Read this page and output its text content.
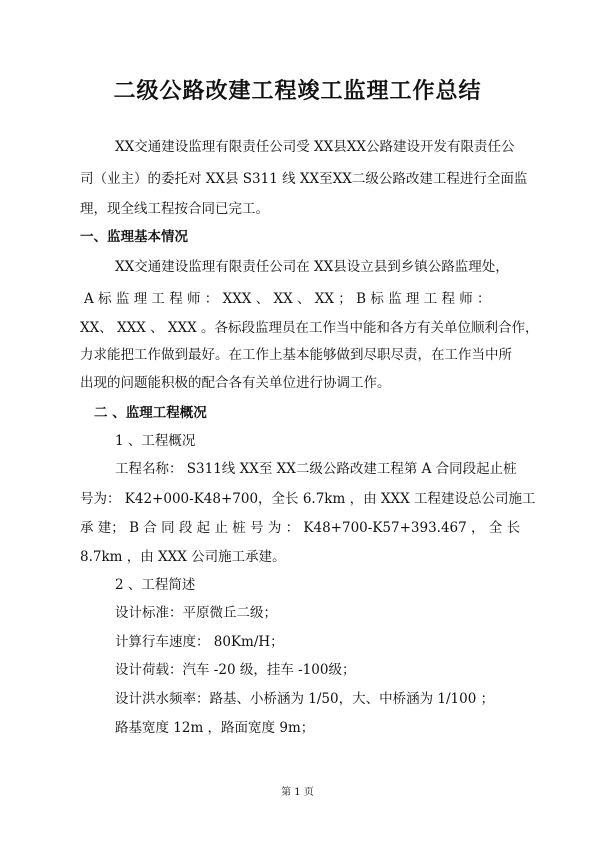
二级公路改建工程竣工监理工作总结
XX交通建设监理有限责任公司受 XX县XX公路建设开发有限责任公
司（业主）的委托对 XX县 S311 线 XX至XX二级公路改建工程进行全面监
理，现全线工程按合同已完工。
一、监理基本情况
XX交通建设监理有限责任公司在 XX县设立县到乡镇公路监理处，
A 标 监 理 工 程 师 ： XXX 、 XX 、 XX ； B 标 监 理 工 程 师 ：
XX、 XXX 、 XXX 。各标段监理员在工作当中能和各方有关单位顺利合作，
力求能把工作做到最好。在工作上基本能够做到尽职尽责，在工作当中所
出现的问题能积极的配合各有关单位进行协调工作。
二 、监理工程概况
1 、工程概况
工程名称： S311线 XX至 XX二级公路改建工程第 A 合同段起止桩
号为： K42+000-K48+700，全长 6.7km ，由 XXX 工程建设总公司施工
承 建； B 合 同 段 起 止 桩 号 为 ： K48+700-K57+393.467 ， 全 长
8.7km ，由 XXX 公司施工承建。
2 、工程简述
设计标准：平原微丘二级；
计算行车速度： 80Km/H；
设计荷载：汽车 -20 级，挂车 -100级；
设计洪水频率：路基、小桥涵为 1/50，大、中桥涵为 1/100 ；
路基宽度 12m ，路面宽度 9m；
第 1 页
